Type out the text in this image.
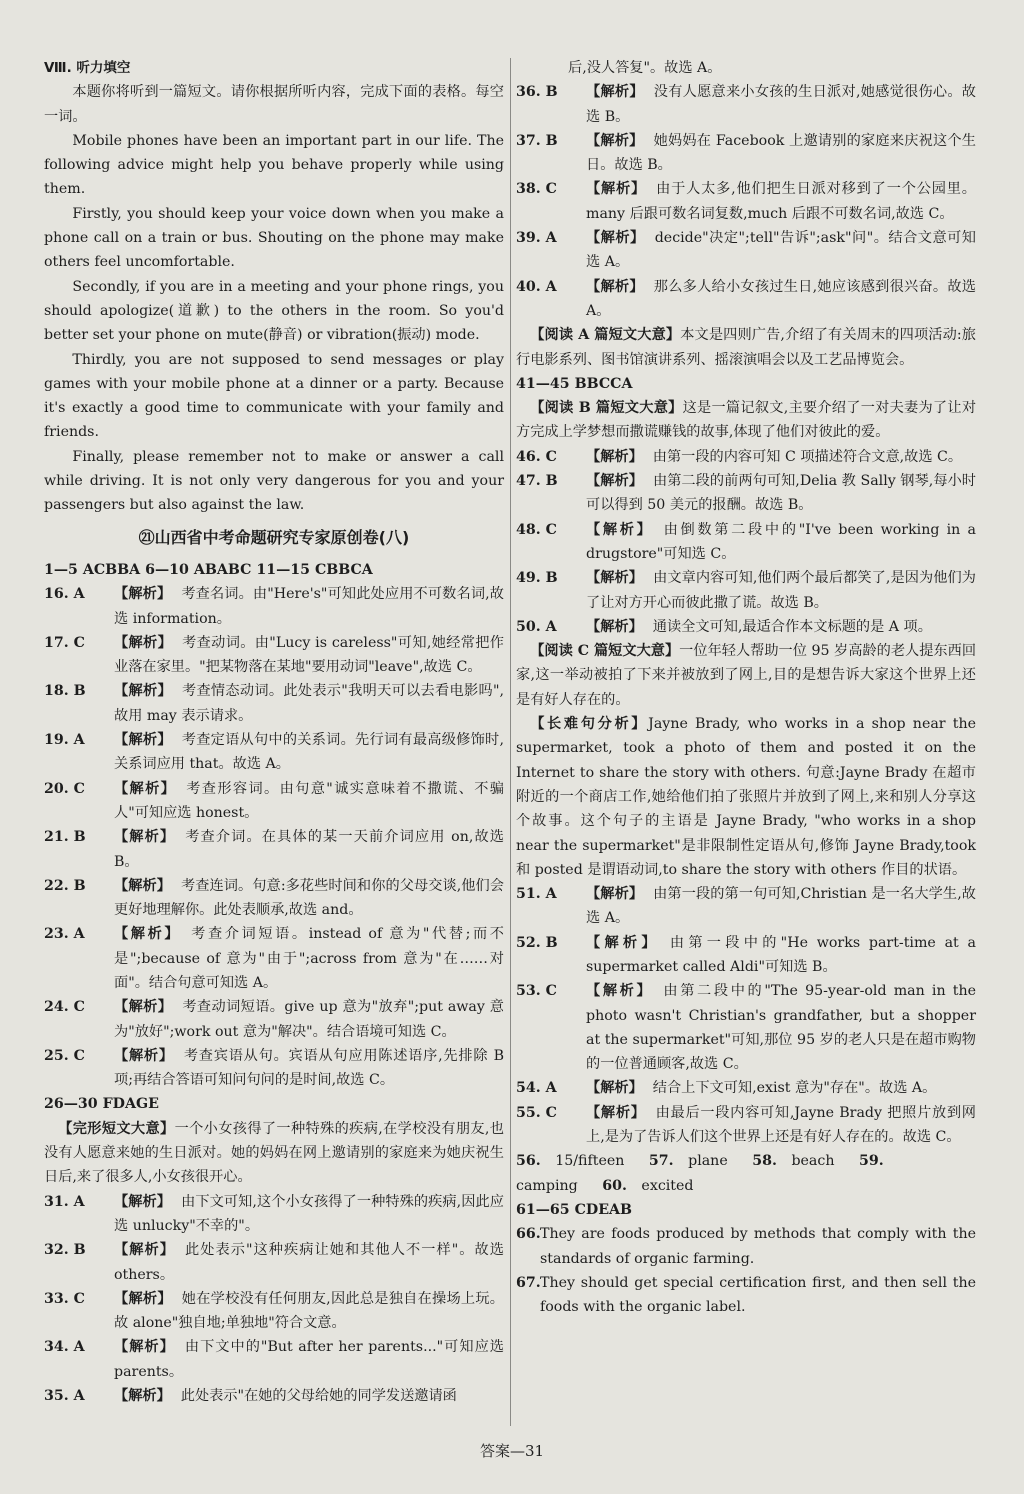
Ⅷ. 听力填空
本题你将听到一篇短文。请你根据所听内容，完成下面的表格。每空一词。
Mobile phones have been an important part in our life. The following advice might help you behave properly while using them.
Firstly, you should keep your voice down when you make a phone call on a train or bus. Shouting on the phone may make others feel uncomfortable.
Secondly, if you are in a meeting and your phone rings, you should apologize(道歉) to the others in the room. So you'd better set your phone on mute(静音) or vibration(振动) mode.
Thirdly, you are not supposed to send messages or play games with your mobile phone at a dinner or a party. Because it's exactly a good time to communicate with your family and friends.
Finally, please remember not to make or answer a call while driving. It is not only very dangerous for you and your passengers but also against the law.
㉑山西省中考命题研究专家原创卷(八)
1—5 ACBBA 6—10 ABABC 11—15 CBBCA
16. A 【解析】 考查名词。由"Here's"可知此处应用不可数名词,故选 information。
17. C 【解析】 考查动词。由"Lucy is careless"可知,她经常把作业落在家里。"把某物落在某地"要用动词"leave",故选 C。
18. B 【解析】 考查情态动词。此处表示"我明天可以去看电影吗",故用 may 表示请求。
19. A 【解析】 考查定语从句中的关系词。先行词有最高级修饰时,关系词应用 that。故选 A。
20. C 【解析】 考查形容词。由句意"诚实意味着不撒谎、不骗人"可知应选 honest。
21. B 【解析】 考查介词。在具体的某一天前介词应用 on,故选 B。
22. B 【解析】 考查连词。句意:多花些时间和你的父母交谈,他们会更好地理解你。此处表顺承,故选 and。
23. A 【解析】 考查介词短语。instead of 意为"代替;而不是";because of 意为"由于";across from 意为"在……对面"。结合句意可知选 A。
24. C 【解析】 考查动词短语。give up 意为"放弃";put away 意为"放好";work out 意为"解决"。结合语境可知选 C。
25. C 【解析】 考查宾语从句。宾语从句应用陈述语序,先排除 B 项;再结合答语可知问句问的是时间,故选 C。
26—30 FDAGE
【完形短文大意】一个小女孩得了一种特殊的疾病,在学校没有朋友,也没有人愿意来她的生日派对。她的妈妈在网上邀请别的家庭来为她庆祝生日后,来了很多人,小女孩很开心。
31. A 【解析】 由下文可知,这个小女孩得了一种特殊的疾病,因此应选 unlucky"不幸的"。
32. B 【解析】 此处表示"这种疾病让她和其他人不一样"。故选 others。
33. C 【解析】 她在学校没有任何朋友,因此总是独自在操场上玩。故 alone"独自地;单独地"符合文意。
34. A 【解析】 由下文中的"But after her parents..."可知应选 parents。
35. A 【解析】 此处表示"在她的父母给她的同学发送邀请函
后,没人答复"。故选 A。
36. B 【解析】 没有人愿意来小女孩的生日派对,她感觉很伤心。故选 B。
37. B 【解析】 她妈妈在 Facebook 上邀请别的家庭来庆祝这个生日。故选 B。
38. C 【解析】 由于人太多,他们把生日派对移到了一个公园里。many 后跟可数名词复数,much 后跟不可数名词,故选 C。
39. A 【解析】 decide"决定";tell"告诉";ask"问"。结合文意可知选 A。
40. A 【解析】 那么多人给小女孩过生日,她应该感到很兴奋。故选 A。
【阅读 A 篇短文大意】本文是四则广告,介绍了有关周末的四项活动:旅行电影系列、图书馆演讲系列、摇滚演唱会以及工艺品博览会。
41—45 BBCCA
【阅读 B 篇短文大意】这是一篇记叙文,主要介绍了一对夫妻为了让对方完成上学梦想而撒谎赚钱的故事,体现了他们对彼此的爱。
46. C 【解析】 由第一段的内容可知 C 项描述符合文意,故选 C。
47. B 【解析】 由第二段的前两句可知,Delia 教 Sally 钢琴,每小时可以得到 50 美元的报酬。故选 B。
48. C 【解析】 由倒数第二段中的"I've been working in a drugstore"可知选 C。
49. B 【解析】 由文章内容可知,他们两个最后都笑了,是因为他们为了让对方开心而彼此撒了谎。故选 B。
50. A 【解析】 通读全文可知,最适合作本文标题的是 A 项。
【阅读 C 篇短文大意】一位年轻人帮助一位 95 岁高龄的老人提东西回家,这一举动被拍了下来并被放到了网上,目的是想告诉大家这个世界上还是有好人存在的。
【长难句分析】Jayne Brady, who works in a shop near the supermarket, took a photo of them and posted it on the Internet to share the story with others. 句意:Jayne Brady 在超市附近的一个商店工作,她给他们拍了张照片并放到了网上,来和别人分享这个故事。这个句子的主语是 Jayne Brady, "who works in a shop near the supermarket"是非限制性定语从句,修饰 Jayne Brady,took 和 posted 是谓语动词,to share the story with others 作目的状语。
51. A 【解析】 由第一段的第一句可知,Christian 是一名大学生,故选 A。
52. B 【解析】 由第一段中的"He works part-time at a supermarket called Aldi"可知选 B。
53. C 【解析】 由第二段中的"The 95-year-old man in the photo wasn't Christian's grandfather, but a shopper at the supermarket"可知,那位 95 岁的老人只是在超市购物的一位普通顾客,故选 C。
54. A 【解析】 结合上下文可知,exist 意为"存在"。故选 A。
55. C 【解析】 由最后一段内容可知,Jayne Brady 把照片放到网上,是为了告诉人们这个世界上还是有好人存在的。故选 C。
56. 15/fifteen 57. plane 58. beach 59. camping 60. excited
61—65 CDEAB
66. They are foods produced by methods that comply with the standards of organic farming.
67. They should get special certification first, and then sell the foods with the organic label.
答案—31
